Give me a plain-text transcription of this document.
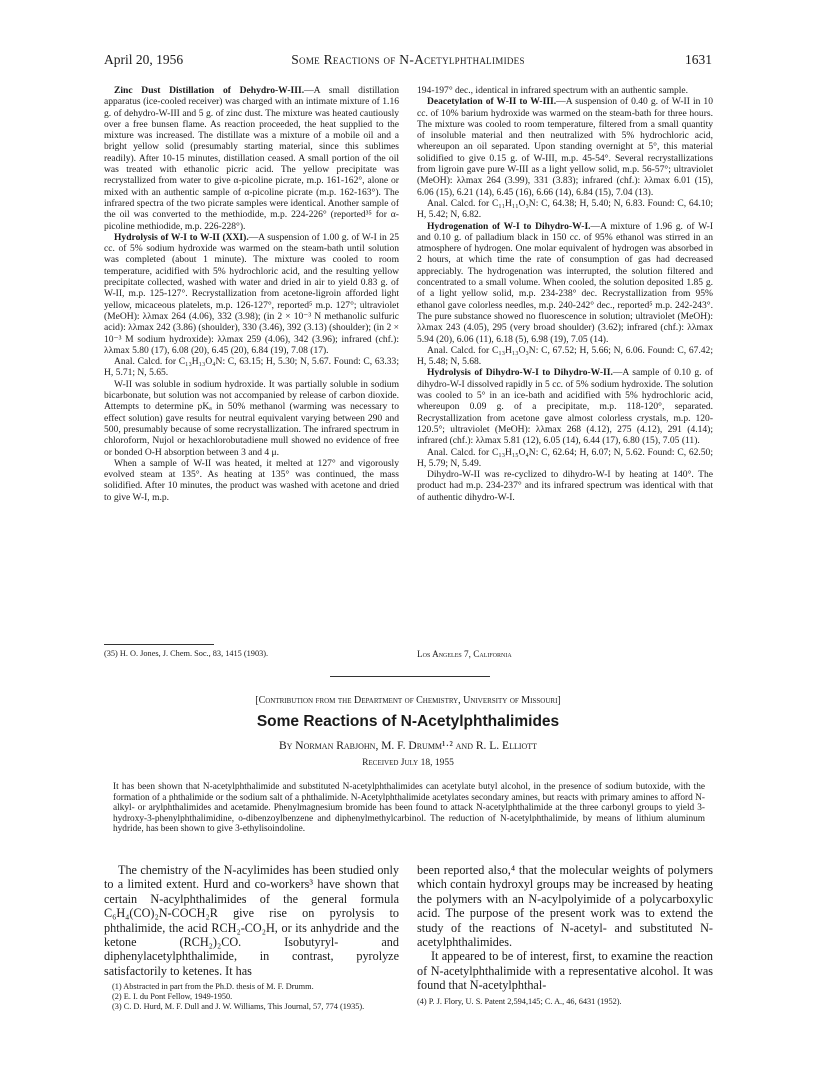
April 20, 1956	Some Reactions of N-Acetylphthalimides	1631

Zinc Dust Distillation of Dehydro-W-III.—A small distillation apparatus (ice-cooled receiver) was charged with an intimate mixture of 1.16 g. of dehydro-W-III and 5 g. of zinc dust. The mixture was heated cautiously over a free bunsen flame. As reaction proceeded, the heat supplied to the mixture was increased. The distillate was a mixture of a mobile oil and a bright yellow solid (presumably starting material, since this sublimes readily). After 10-15 minutes, distillation ceased. A small portion of the oil was treated with ethanolic picric acid. The yellow precipitate was recrystallized from water to give α-picoline picrate, m.p. 161-162°, alone or mixed with an authentic sample of α-picoline picrate (m.p. 162-163°). The infrared spectra of the two picrate samples were identical. Another sample of the oil was converted to the methiodide, m.p. 224-226° (reported³⁵ for α-picoline methiodide, m.p. 226-228°).

Hydrolysis of W-I to W-II (XXI).—A suspension of 1.00 g. of W-I in 25 cc. of 5% sodium hydroxide was warmed on the steam-bath until solution was completed (about 1 minute). The mixture was cooled to room temperature, acidified with 5% hydrochloric acid, and the resulting yellow precipitate collected, washed with water and dried in air to yield 0.83 g. of W-II, m.p. 125-127°. Recrystallization from acetone-ligroin afforded light yellow, micaceous platelets, m.p. 126-127°, reported⁵ m.p. 127°; ultraviolet (MeOH): λλmax 264 (4.06), 332 (3.98); (in 2 × 10⁻³ N methanolic sulfuric acid): λλmax 242 (3.86) (shoulder), 330 (3.46), 392 (3.13) (shoulder); (in 2 × 10⁻³ M sodium hydroxide): λλmax 259 (4.06), 342 (3.96); infrared (chf.): λλmax 5.80 (17), 6.08 (20), 6.45 (20), 6.84 (19), 7.08 (17).

Anal. Calcd. for C₁₃H₁₃O₄N: C, 63.15; H, 5.30; N, 5.67. Found: C, 63.33; H, 5.71; N, 5.65.

W-II was soluble in sodium hydroxide. It was partially soluble in sodium bicarbonate, but solution was not accompanied by release of carbon dioxide. Attempts to determine pKₐ in 50% methanol (warming was necessary to effect solution) gave results for neutral equivalent varying between 290 and 500, presumably because of some recrystallization. The infrared spectrum in chloroform, Nujol or hexachlorobutadiene mull showed no evidence of free or bonded O-H absorption between 3 and 4 μ.

When a sample of W-II was heated, it melted at 127° and vigorously evolved steam at 135°. As heating at 135° was continued, the mass solidified. After 10 minutes, the product was washed with acetone and dried to give W-I, m.p.

194-197° dec., identical in infrared spectrum with an authentic sample.

Deacetylation of W-II to W-III.—A suspension of 0.40 g. of W-II in 10 cc. of 10% barium hydroxide was warmed on the steam-bath for three hours. The mixture was cooled to room temperature, filtered from a small quantity of insoluble material and then neutralized with 5% hydrochloric acid, whereupon an oil separated. Upon standing overnight at 5°, this material solidified to give 0.15 g. of W-III, m.p. 45-54°. Several recrystallizations from ligroin gave pure W-III as a light yellow solid, m.p. 56-57°; ultraviolet (MeOH): λλmax 264 (3.99), 331 (3.83); infrared (chf.): λλmax 6.01 (15), 6.06 (15), 6.21 (14), 6.45 (16), 6.66 (14), 6.84 (15), 7.04 (13).

Anal. Calcd. for C₁₁H₁₁O₃N: C, 64.38; H, 5.40; N, 6.83. Found: C, 64.10; H, 5.42; N, 6.82.

Hydrogenation of W-I to Dihydro-W-I.—A mixture of 1.96 g. of W-I and 0.10 g. of palladium black in 150 cc. of 95% ethanol was stirred in an atmosphere of hydrogen. One molar equivalent of hydrogen was absorbed in 2 hours, at which time the rate of consumption of gas had decreased appreciably. The hydrogenation was interrupted, the solution filtered and concentrated to a small volume. When cooled, the solution deposited 1.85 g. of a light yellow solid, m.p. 234-238° dec. Recrystallization from 95% ethanol gave colorless needles, m.p. 240-242° dec., reported⁵ m.p. 242-243°. The pure substance showed no fluorescence in solution; ultraviolet (MeOH): λλmax 243 (4.05), 295 (very broad shoulder) (3.62); infrared (chf.): λλmax 5.94 (20), 6.06 (11), 6.18 (5), 6.98 (19), 7.05 (14).

Anal. Calcd. for C₁₃H₁₃O₃N: C, 67.52; H, 5.66; N, 6.06. Found: C, 67.42; H, 5.48; N, 5.68.

Hydrolysis of Dihydro-W-I to Dihydro-W-II.—A sample of 0.10 g. of dihydro-W-I dissolved rapidly in 5 cc. of 5% sodium hydroxide. The solution was cooled to 5° in an ice-bath and acidified with 5% hydrochloric acid, whereupon 0.09 g. of a precipitate, m.p. 118-120°, separated. Recrystallization from acetone gave almost colorless crystals, m.p. 120-120.5°; ultraviolet (MeOH): λλmax 268 (4.12), 275 (4.12), 291 (4.14); infrared (chf.): λλmax 5.81 (12), 6.05 (14), 6.44 (17), 6.80 (15), 7.05 (11).

Anal. Calcd. for C₁₃H₁₅O₄N: C, 62.64; H, 6.07; N, 5.62. Found: C, 62.50; H, 5.79; N, 5.49.

Dihydro-W-II was re-cyclized to dihydro-W-I by heating at 140°. The product had m.p. 234-237° and its infrared spectrum was identical with that of authentic dihydro-W-I.

(35) H. O. Jones, J. Chem. Soc., 83, 1415 (1903).	Los Angeles 7, California
[Contribution from the Department of Chemistry, University of Missouri]
Some Reactions of N-Acetylphthalimides
By Norman Rabjohn, M. F. Drumm¹·² and R. L. Elliott
Received July 18, 1955
It has been shown that N-acetylphthalimide and substituted N-acetylphthalimides can acetylate butyl alcohol, in the presence of sodium butoxide, with the formation of a phthalimide or the sodium salt of a phthalimide. N-Acetylphthalimide acetylates secondary amines, but reacts with primary amines to afford N-alkyl- or arylphthalimides and acetamide. Phenylmagnesium bromide has been found to attack N-acetylphthalimide at the three carbonyl groups to yield 3-hydroxy-3-phenylphthalimidine, o-dibenzoylbenzene and diphenylmethylcarbinol. The reduction of N-acetylphthalimide, by means of lithium aluminum hydride, has been shown to give 3-ethylisoindoline.

The chemistry of the N-acylimides has been studied only to a limited extent. Hurd and co-workers³ have shown that certain N-acylphthalimides of the general formula C₆H₄(CO)₂N-COCH₂R give rise on pyrolysis to phthalimide, the acid RCH₂-CO₂H, or its anhydride and the ketone (RCH₂)₂CO. Isobutyryl- and diphenylacetylphthalimide, in contrast, pyrolyze satisfactorily to ketenes. It has

(1) Abstracted in part from the Ph.D. thesis of M. F. Drumm.
(2) E. I. du Pont Fellow, 1949-1950.
(3) C. D. Hurd, M. F. Dull and J. W. Williams, This Journal, 57, 774 (1935).

been reported also,⁴ that the molecular weights of polymers which contain hydroxyl groups may be increased by heating the polymers with an N-acylpolyimide of a polycarboxylic acid. The purpose of the present work was to extend the study of the reactions of N-acetyl- and substituted N-acetylphthalimides.

It appeared to be of interest, first, to examine the reaction of N-acetylphthalimide with a representative alcohol. It was found that N-acetylphthal-

(4) P. J. Flory, U. S. Patent 2,594,145; C. A., 46, 6431 (1952).
